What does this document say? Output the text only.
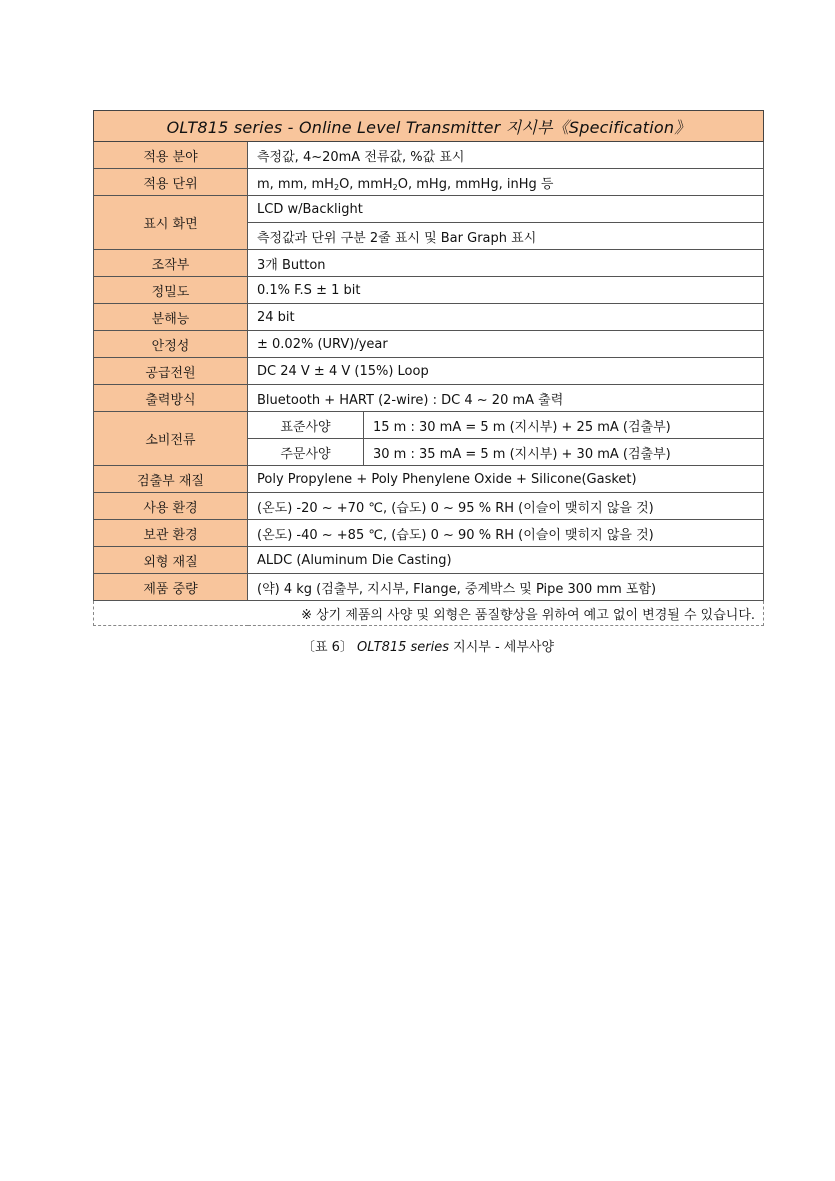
OLT815 series - Online Level Transmitter 지시부《Specification》		
적용 분야	측정값, 4~20mA 전류값, %값 표시	
적용 단위	m, mm, $mH_2O$, mmH$_2$O, mHg, mmHg, inHg 등	
표시 화면	LCD w/Backlight	
	측정값과 단위 구분 2줄 표시 및 Bar Graph 표시	
조작부	3개 Button	
정밀도	0.1% F.S ± 1 bit	
분해능	24 bit	
안정성	± 0.02% (URV)/year	
공급전원	DC 24 V ± 4 V (15%) Loop	
출력방식	Bluetooth + HART (2-wire) : DC 4 ~ 20 mA 출력	
소비전류	표준사양	15 m : 30 mA = 5 m (지시부) + 25 mA (검출부)
	주문사양	30 m : 35 mA = 5 m (지시부) + 30 mA (검출부)
검출부 재질	Poly Propylene + Poly Phenylene Oxide + Silicone(Gasket)	
사용 환경	(온도) -20 ~ +70 ℃, (습도) 0 ~ 95 % RH (이슬이 맺히지 않을 것)	
보관 환경	(온도) -40 ~ +85 ℃, (습도) 0 ~ 90 % RH (이슬이 맺히지 않을 것)	
외형 재질	ALDC (Aluminum Die Casting)	
제품 중량	(약) 4 kg (검출부, 지시부, Flange, 중계박스 및 Pipe 300 mm 포함)	
※ 상기 제품의 사양 및 외형은 품질향상을 위하여 예고 없이 변경될 수 있습니다.		
〔표 6〕 OLT815 series 지시부 - 세부사양
